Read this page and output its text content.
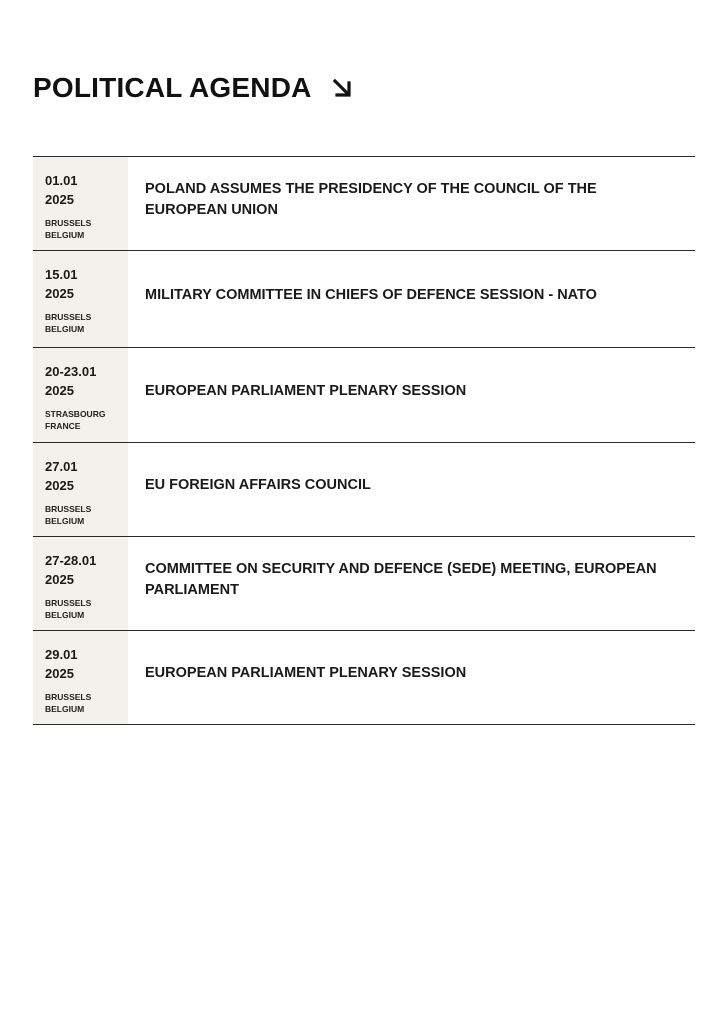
POLITICAL AGENDA
01.01
2025
BRUSSELS
BELGIUM
POLAND ASSUMES THE PRESIDENCY OF THE COUNCIL OF THE EUROPEAN UNION
15.01
2025
BRUSSELS
BELGIUM
MILITARY COMMITTEE IN CHIEFS OF DEFENCE SESSION - NATO
20-23.01
2025
STRASBOURG
FRANCE
EUROPEAN PARLIAMENT PLENARY SESSION
27.01
2025
BRUSSELS
BELGIUM
EU FOREIGN AFFAIRS COUNCIL
27-28.01
2025
BRUSSELS
BELGIUM
COMMITTEE ON SECURITY AND DEFENCE (SEDE) MEETING, EUROPEAN PARLIAMENT
29.01
2025
BRUSSELS
BELGIUM
EUROPEAN PARLIAMENT PLENARY SESSION
